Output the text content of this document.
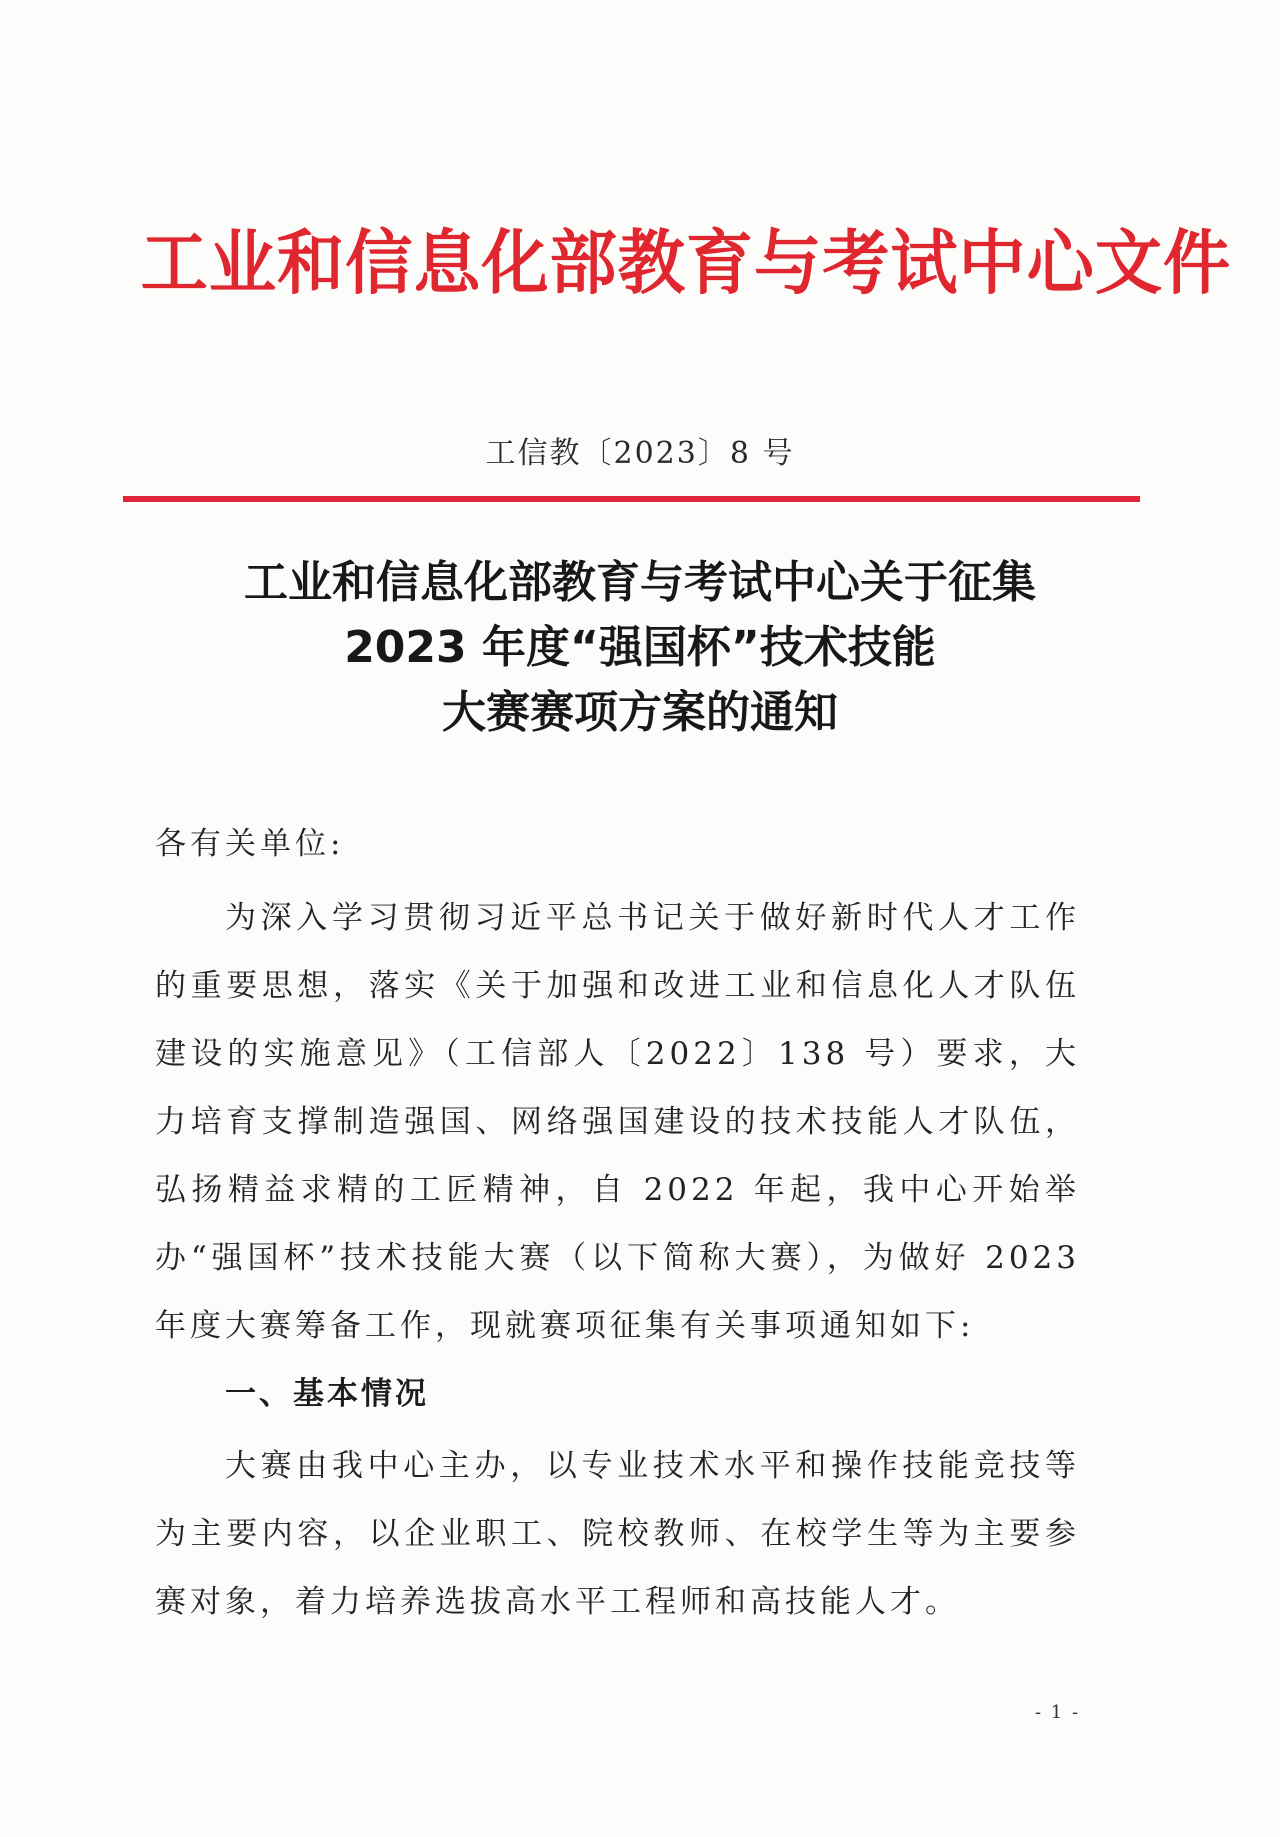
工业和信息化部教育与考试中心文件
工信教〔2023〕8 号
工业和信息化部教育与考试中心关于征集
2023 年度“强国杯”技术技能
大赛赛项方案的通知
各有关单位:
为深入学习贯彻习近平总书记关于做好新时代人才工作的重要思想，落实《关于加强和改进工业和信息化人才队伍建设的实施意见》（工信部人〔2022〕138 号）要求，大力培育支撑制造强国、网络强国建设的技术技能人才队伍，弘扬精益求精的工匠精神，自 2022 年起，我中心开始举办“强国杯”技术技能大赛（以下简称大赛），为做好 2023 年度大赛筹备工作，现就赛项征集有关事项通知如下:
一、基本情况
大赛由我中心主办，以专业技术水平和操作技能竞技等为主要内容，以企业职工、院校教师、在校学生等为主要参赛对象，着力培养选拔高水平工程师和高技能人才。
- 1 -
